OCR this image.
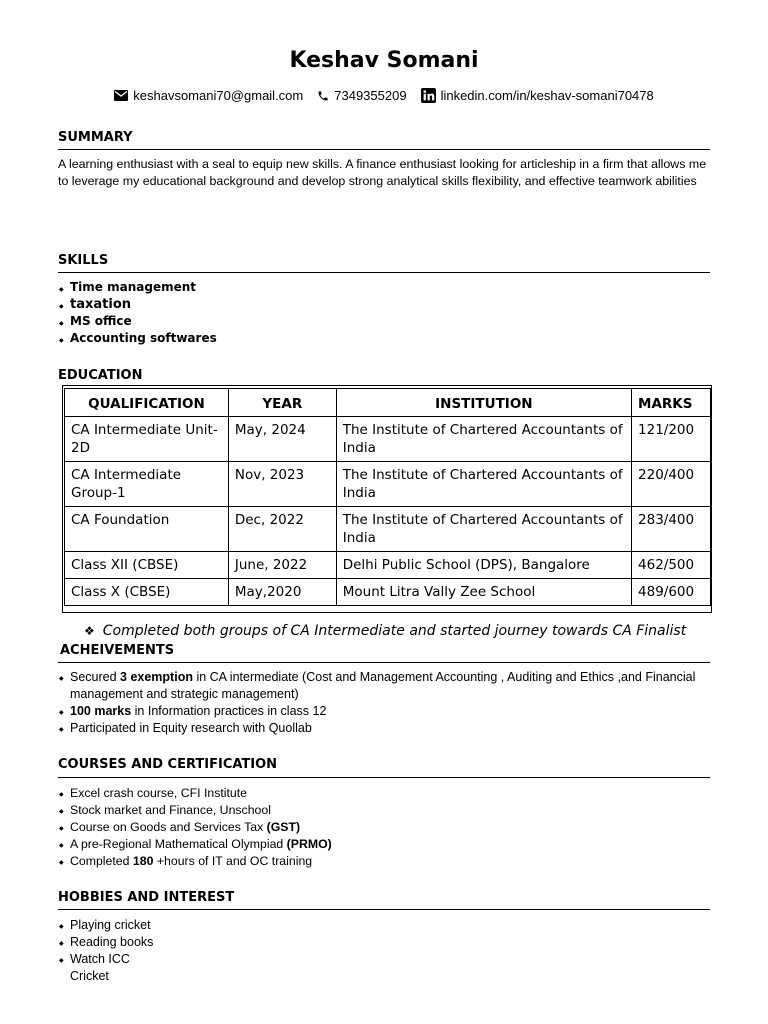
Keshav Somani
keshavsomani70@gmail.com 7349355209	linkedin.com/in/keshav-somani70478
SUMMARY
A learning enthusiast with a seal to equip new skills. A finance enthusiast looking for articleship in a firm that allows me to leverage my educational background and develop strong analytical skills flexibility, and effective teamwork abilities
SKILLS
◆ Time management
◆ taxation
◆ MS office
◆ Accounting softwares
EDUCATION
QUALIFICATION	YEAR	INSTITUTION	MARKS
CA Intermediate Unit-2D	May, 2024	The Institute of Chartered Accountants of India	121/200
CA Intermediate Group-1	Nov, 2023	The Institute of Chartered Accountants of India	220/400
CA Foundation	Dec, 2022	The Institute of Chartered Accountants of India	283/400
Class XII (CBSE)	June, 2022	Delhi Public School (DPS), Bangalore	462/500
Class X (CBSE)	May,2020	Mount Litra Vally Zee School	489/600
❖ Completed both groups of CA Intermediate and started journey towards CA Finalist
ACHEIVEMENTS
◆ Secured 3 exemption in CA intermediate (Cost and Management Accounting , Auditing and Ethics ,and Financial management and strategic management)
◆ 100 marks in Information practices in class 12
◆ Participated in Equity research with Quollab
COURSES AND CERTIFICATION
◆ Excel crash course, CFI Institute
◆ Stock market and Finance, Unschool
◆ Course on Goods and Services Tax (GST)
◆ A pre-Regional Mathematical Olympiad (PRMO)
◆ Completed 180 +hours of IT and OC training
HOBBIES AND INTEREST
◆ Playing cricket
◆ Reading books
◆ Watch ICC
Cricket
